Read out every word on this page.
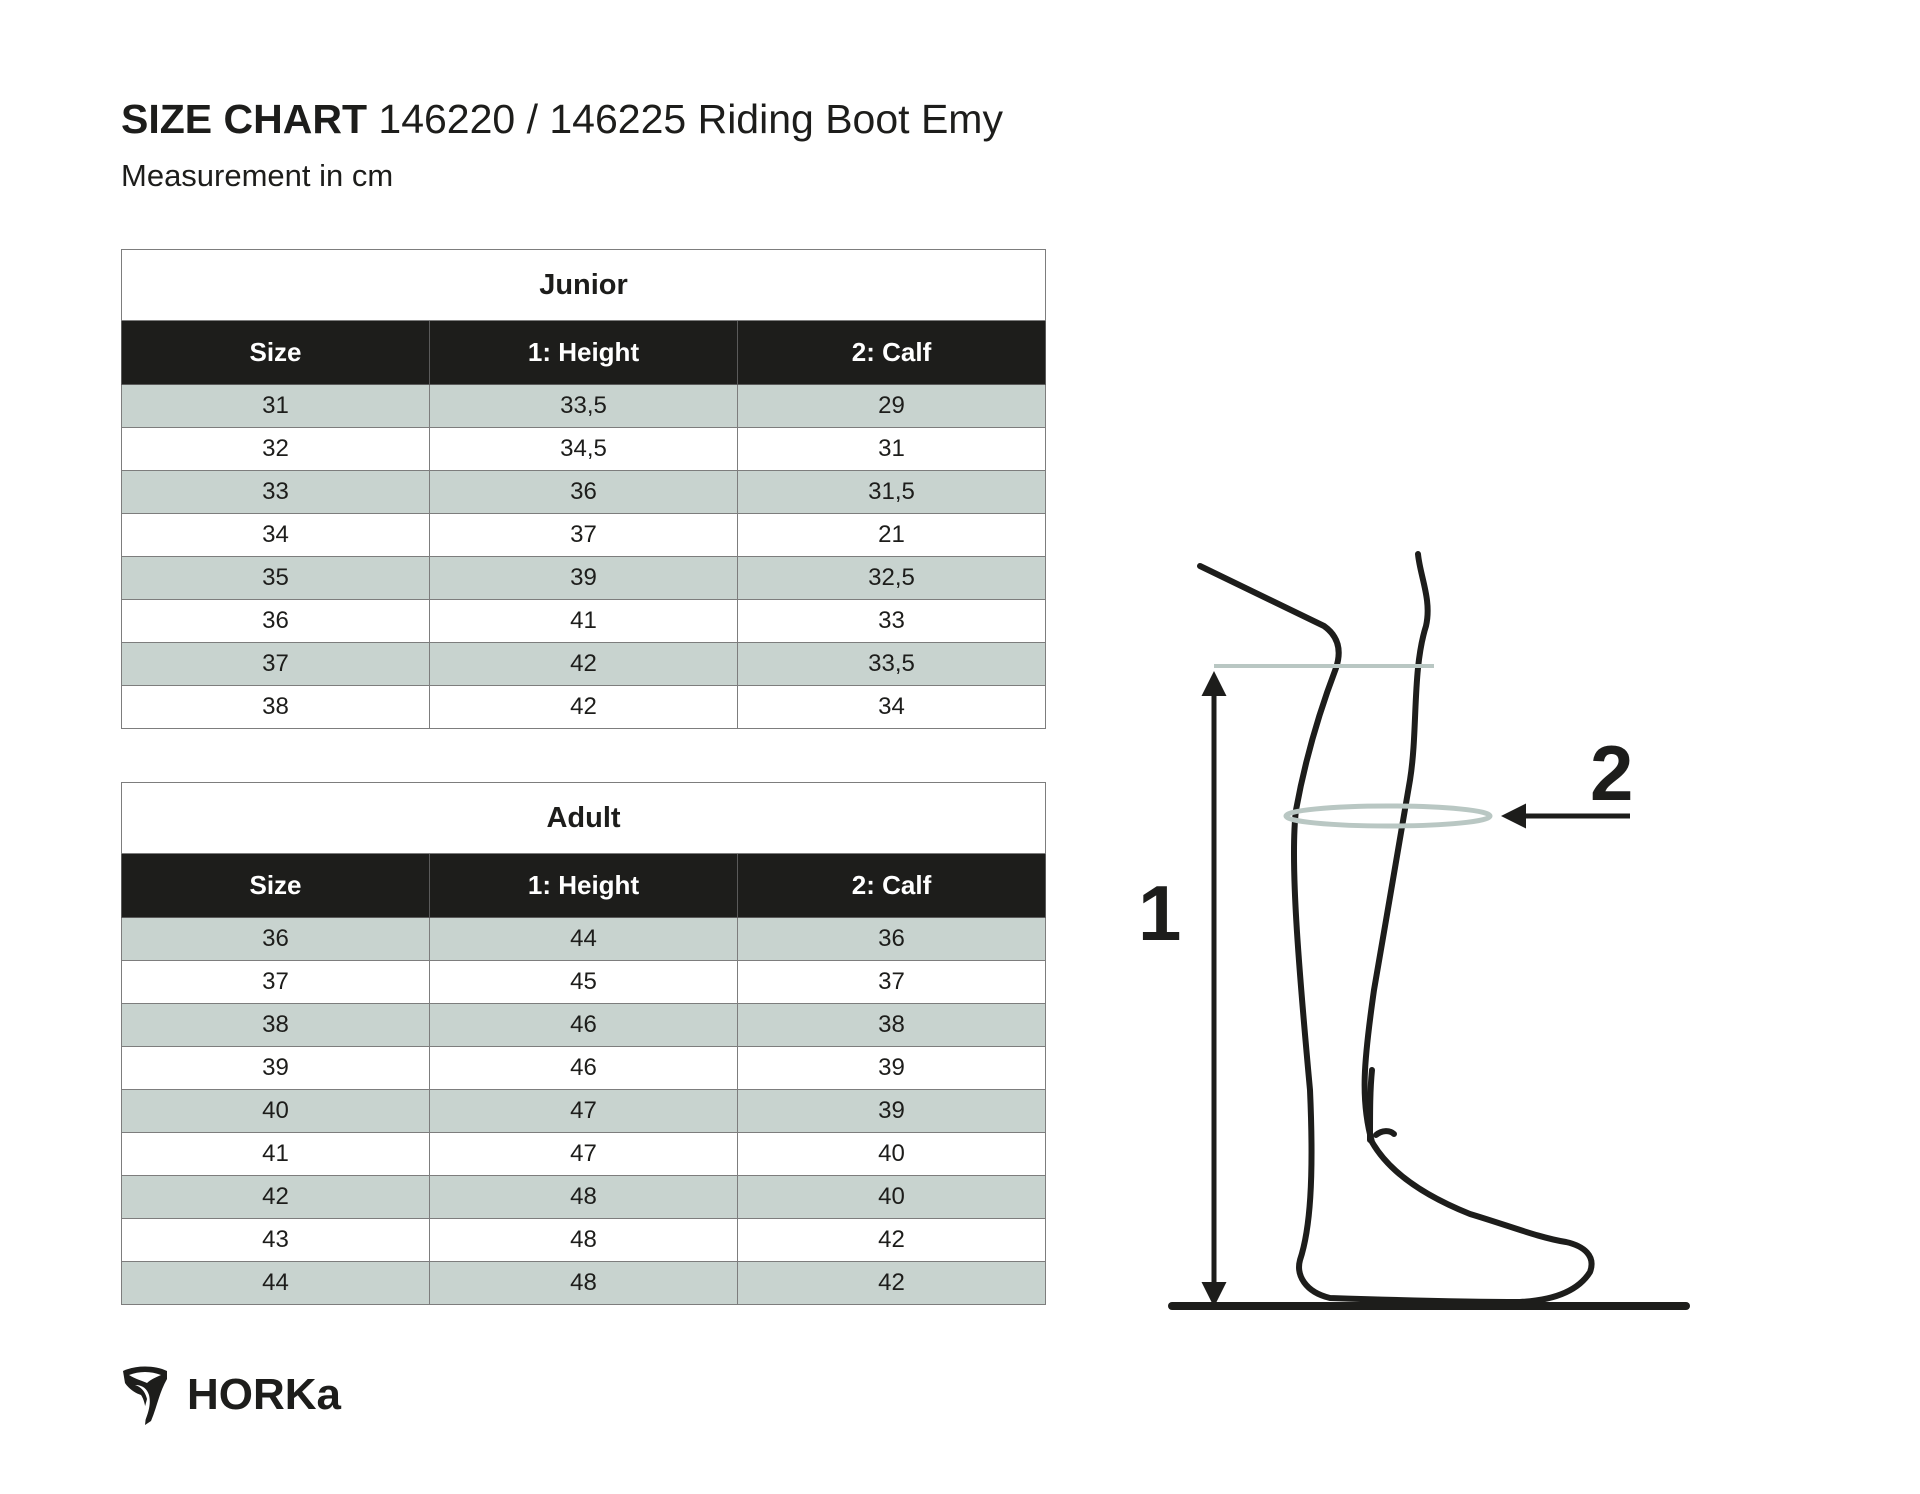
SIZE CHART 146220 / 146225 Riding Boot Emy

Measurement in cm

Junior		
Size	1: Height	2: Calf
31	33,5	29
32	34,5	31
33	36	31,5
34	37	21
35	39	32,5
36	41	33
37	42	33,5
38	42	34
Adult		
Size	1: Height	2: Calf
36	44	36
37	45	37
38	46	38
39	46	39
40	47	39
41	47	40
42	48	40
43	48	42
44	48	42
HORKa
1
2
